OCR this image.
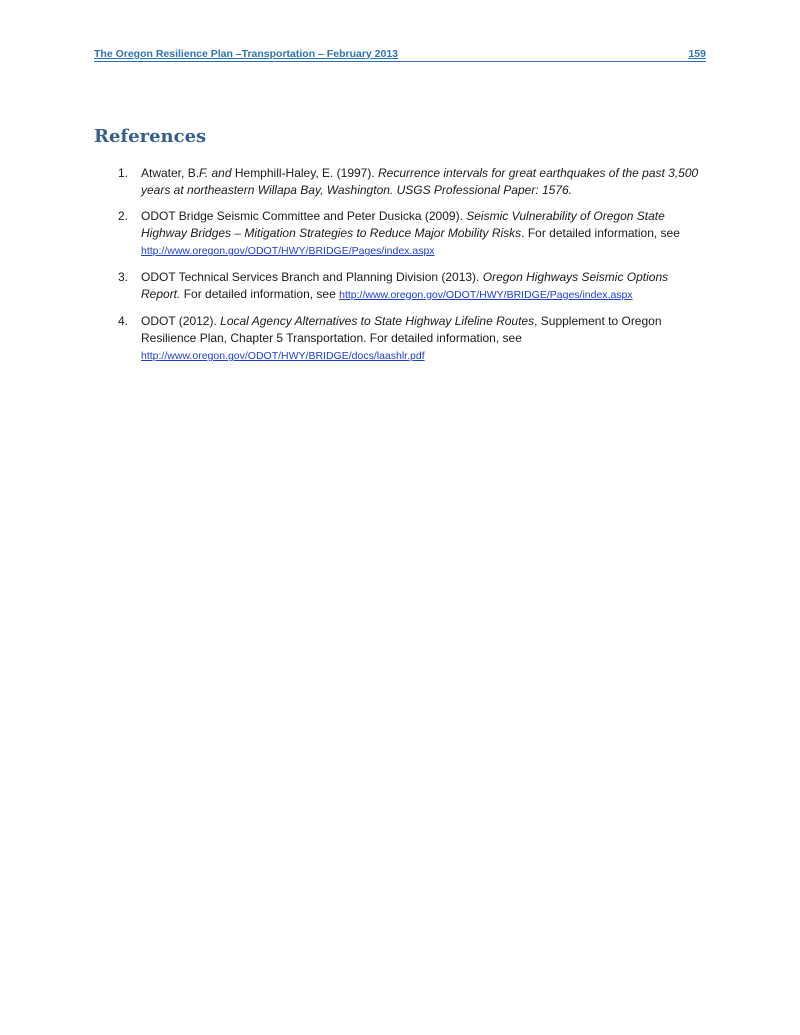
The Oregon Resilience Plan –Transportation – February 2013	159
References
1. Atwater, B.F. and Hemphill-Haley, E. (1997). Recurrence intervals for great earthquakes of the past 3,500 years at northeastern Willapa Bay, Washington. USGS Professional Paper: 1576.
2. ODOT Bridge Seismic Committee and Peter Dusicka (2009). Seismic Vulnerability of Oregon State Highway Bridges – Mitigation Strategies to Reduce Major Mobility Risks. For detailed information, see http://www.oregon.gov/ODOT/HWY/BRIDGE/Pages/index.aspx
3. ODOT Technical Services Branch and Planning Division (2013). Oregon Highways Seismic Options Report. For detailed information, see http://www.oregon.gov/ODOT/HWY/BRIDGE/Pages/index.aspx
4. ODOT (2012). Local Agency Alternatives to State Highway Lifeline Routes, Supplement to Oregon Resilience Plan, Chapter 5 Transportation. For detailed information, see http://www.oregon.gov/ODOT/HWY/BRIDGE/docs/laashlr.pdf
